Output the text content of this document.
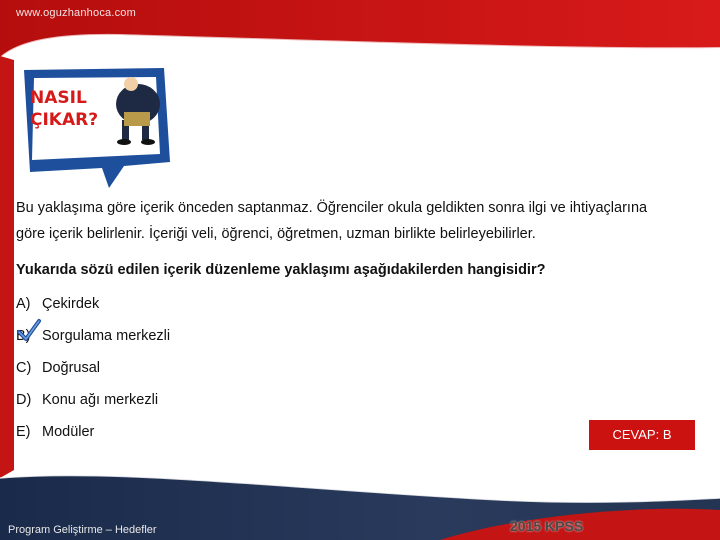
www.oguzhanhoca.com
NASIL
ÇIKAR?
Bu yaklaşıma göre içerik önceden saptanmaz. Öğrenciler okula geldikten sonra ilgi ve ihtiyaçlarına
göre içerik belirlenir. İçeriği veli, öğrenci, öğretmen, uzman birlikte belirleyebilirler.
Yukarıda sözü edilen içerik düzenleme yaklaşımı aşağıdakilerden hangisidir?
A) Çekirdek
B) Sorgulama merkezli
C) Doğrusal
D) Konu ağı merkezli
E) Modüler	CEVAP: B
Program Geliştirme – Hedefler	2015 KPSS
